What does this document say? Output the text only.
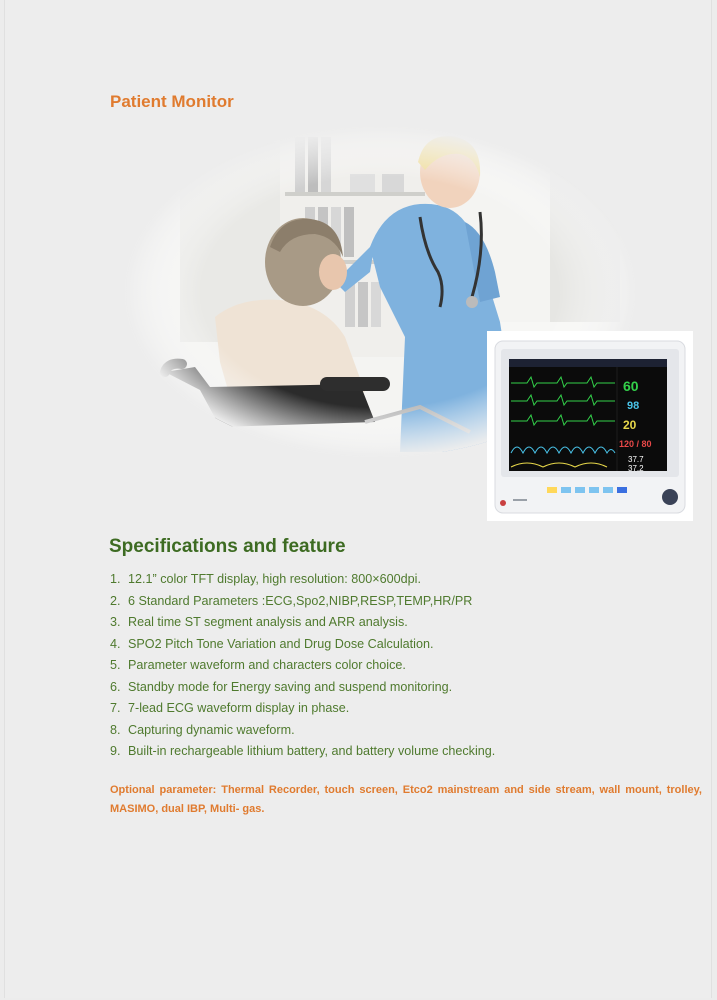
Patient Monitor
60
98
20
120 / 80
37.7
37.2
Specifications and feature
1. 12.1” color TFT display, high resolution: 800×600dpi.
2. 6 Standard Parameters :ECG,Spo2,NIBP,RESP,TEMP,HR/PR
3. Real time ST segment analysis and ARR analysis.
4. SPO2 Pitch Tone Variation and Drug Dose Calculation.
5. Parameter waveform and characters color choice.
6. Standby mode for Energy saving and suspend monitoring.
7. 7-lead ECG waveform display in phase.
8. Capturing dynamic waveform.
9. Built-in rechargeable lithium battery, and battery volume checking.
Optional parameter: Thermal Recorder, touch screen, Etco2 mainstream and side stream, wall mount, trolley, MASIMO, dual IBP, Multi- gas.
